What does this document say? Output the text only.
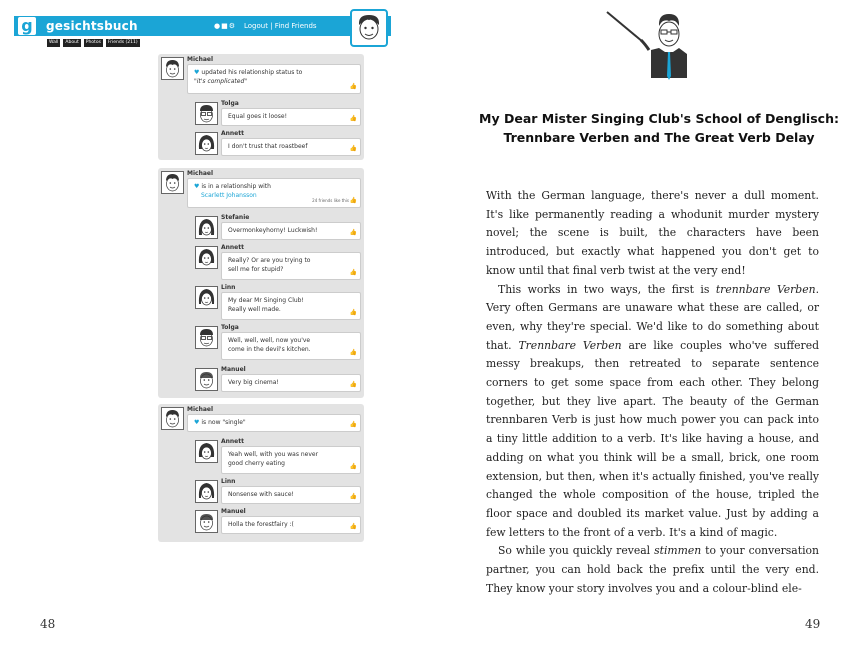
g gesichtsbuch	●■⚙ Logout | Find Friends
Wall	About	Photos	Friends (211)
Michael
♥ updated his relationship status to
"it's complicated"
👍
Tolga
Equal goes it loose!	👍
Annett
I don't trust that roastbeef	👍
Michael
♥ is in a relationship with
Scarlett Johansson
24 friends like this 👍
Stefanie
Overmonkeyhorny! Luckwish!	👍
Annett
Really? Or are you trying to
sell me for stupid?	👍
Linn
My dear Mr Singing Club!
Really well made.	👍
Tolga
Well, well, well, now you've
come in the devil's kitchen.	👍
Manuel
Very big cinema!	👍
Michael
♥ is now "single"	👍
Annett
Yeah well, with you was never
good cherry eating	👍
Linn
Nonsense with sauce!	👍
Manuel
Holla the forestfairy :(	👍
48
My Dear Mister Singing Club's School of Denglisch: Trennbare Verben and The Great Verb Delay

With the German language, there's never a dull moment. It's like permanently reading a whodunit murder mystery novel; the scene is built, the characters have been introduced, but exactly what happened you don't get to know until that final verb twist at the very end!

This works in two ways, the first is trennbare Verben. Very often Germans are unaware what these are called, or even, why they're special. We'd like to do something about that. Trennbare Verben are like couples who've suffered messy breakups, then retreated to separate sentence corners to get some space from each other. They belong together, but they live apart. The beauty of the German trennbaren Verb is just how much power you can pack into a tiny little addition to a verb. It's like having a house, and adding on what you think will be a small, brick, one room extension, but then, when it's actually finished, you've really changed the whole composition of the house, tripled the floor space and doubled its market value. Just by adding a few letters to the front of a verb. It's a kind of magic.

So while you quickly reveal stimmen to your conversation partner, you can hold back the prefix until the very end. They know your story involves you and a colour-blind ele-

49
